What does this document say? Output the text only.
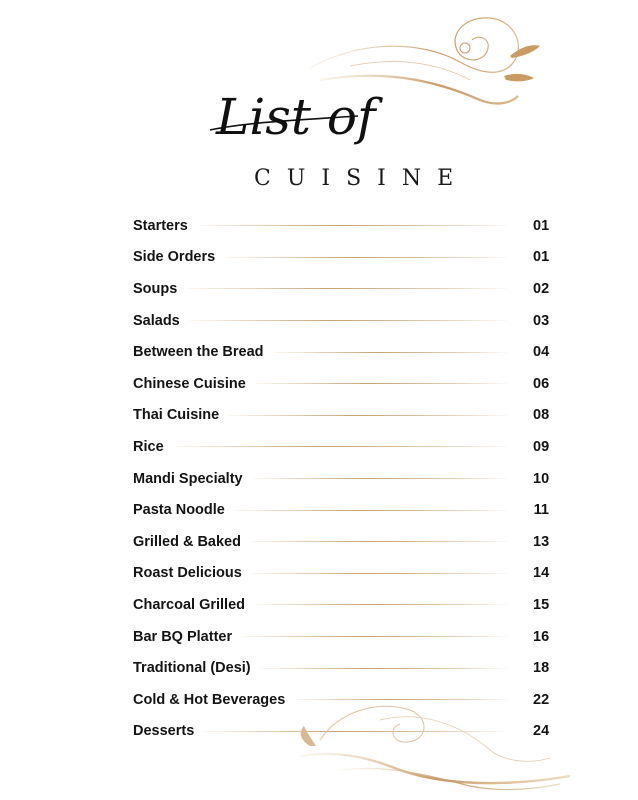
List of
CUISINE
Starters	01
Side Orders	01
Soups	02
Salads	03
Between the Bread	04
Chinese Cuisine	06
Thai Cuisine	08
Rice	09
Mandi Specialty	10
Pasta Noodle	11
Grilled & Baked	13
Roast Delicious	14
Charcoal Grilled	15
Bar BQ Platter	16
Traditional (Desi)	18
Cold & Hot Beverages	22
Desserts	24
